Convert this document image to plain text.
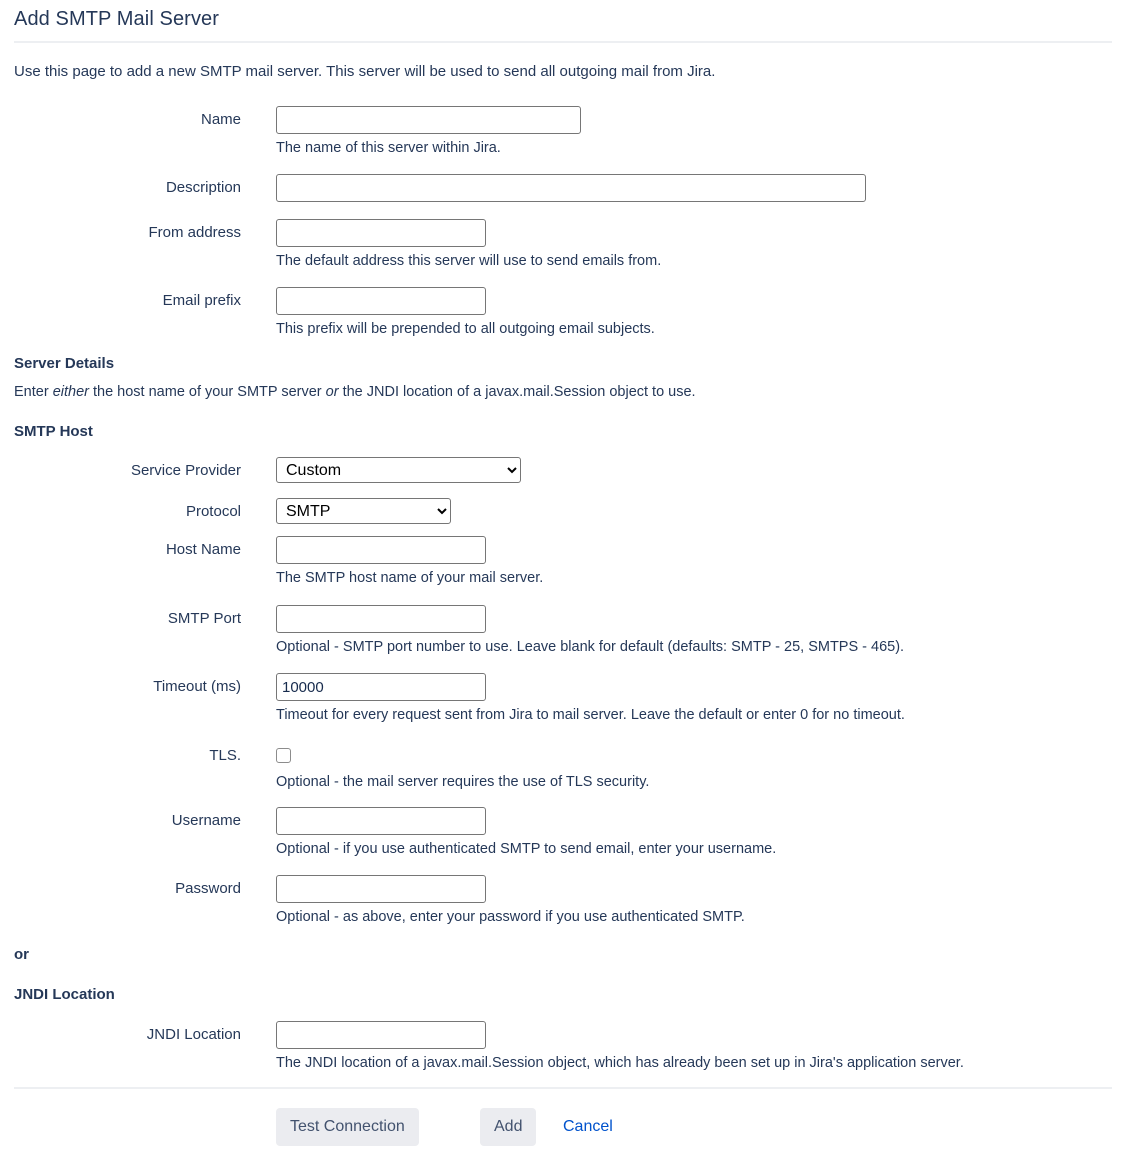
Add SMTP Mail Server
Use this page to add a new SMTP mail server. This server will be used to send all outgoing mail from Jira.
Name
The name of this server within Jira.
Description
From address
The default address this server will use to send emails from.
Email prefix
This prefix will be prepended to all outgoing email subjects.
Server Details
Enter either the host name of your SMTP server or the JNDI location of a javax.mail.Session object to use.
SMTP Host
Service Provider
Custom
Protocol
SMTP
Host Name
The SMTP host name of your mail server.
SMTP Port
Optional - SMTP port number to use. Leave blank for default (defaults: SMTP - 25, SMTPS - 465).
Timeout (ms)
10000
Timeout for every request sent from Jira to mail server. Leave the default or enter 0 for no timeout.
TLS.
Optional - the mail server requires the use of TLS security.
Username
Optional - if you use authenticated SMTP to send email, enter your username.
Password
Optional - as above, enter your password if you use authenticated SMTP.
or
JNDI Location
JNDI Location
The JNDI location of a javax.mail.Session object, which has already been set up in Jira's application server.
Test Connection	Add	Cancel
